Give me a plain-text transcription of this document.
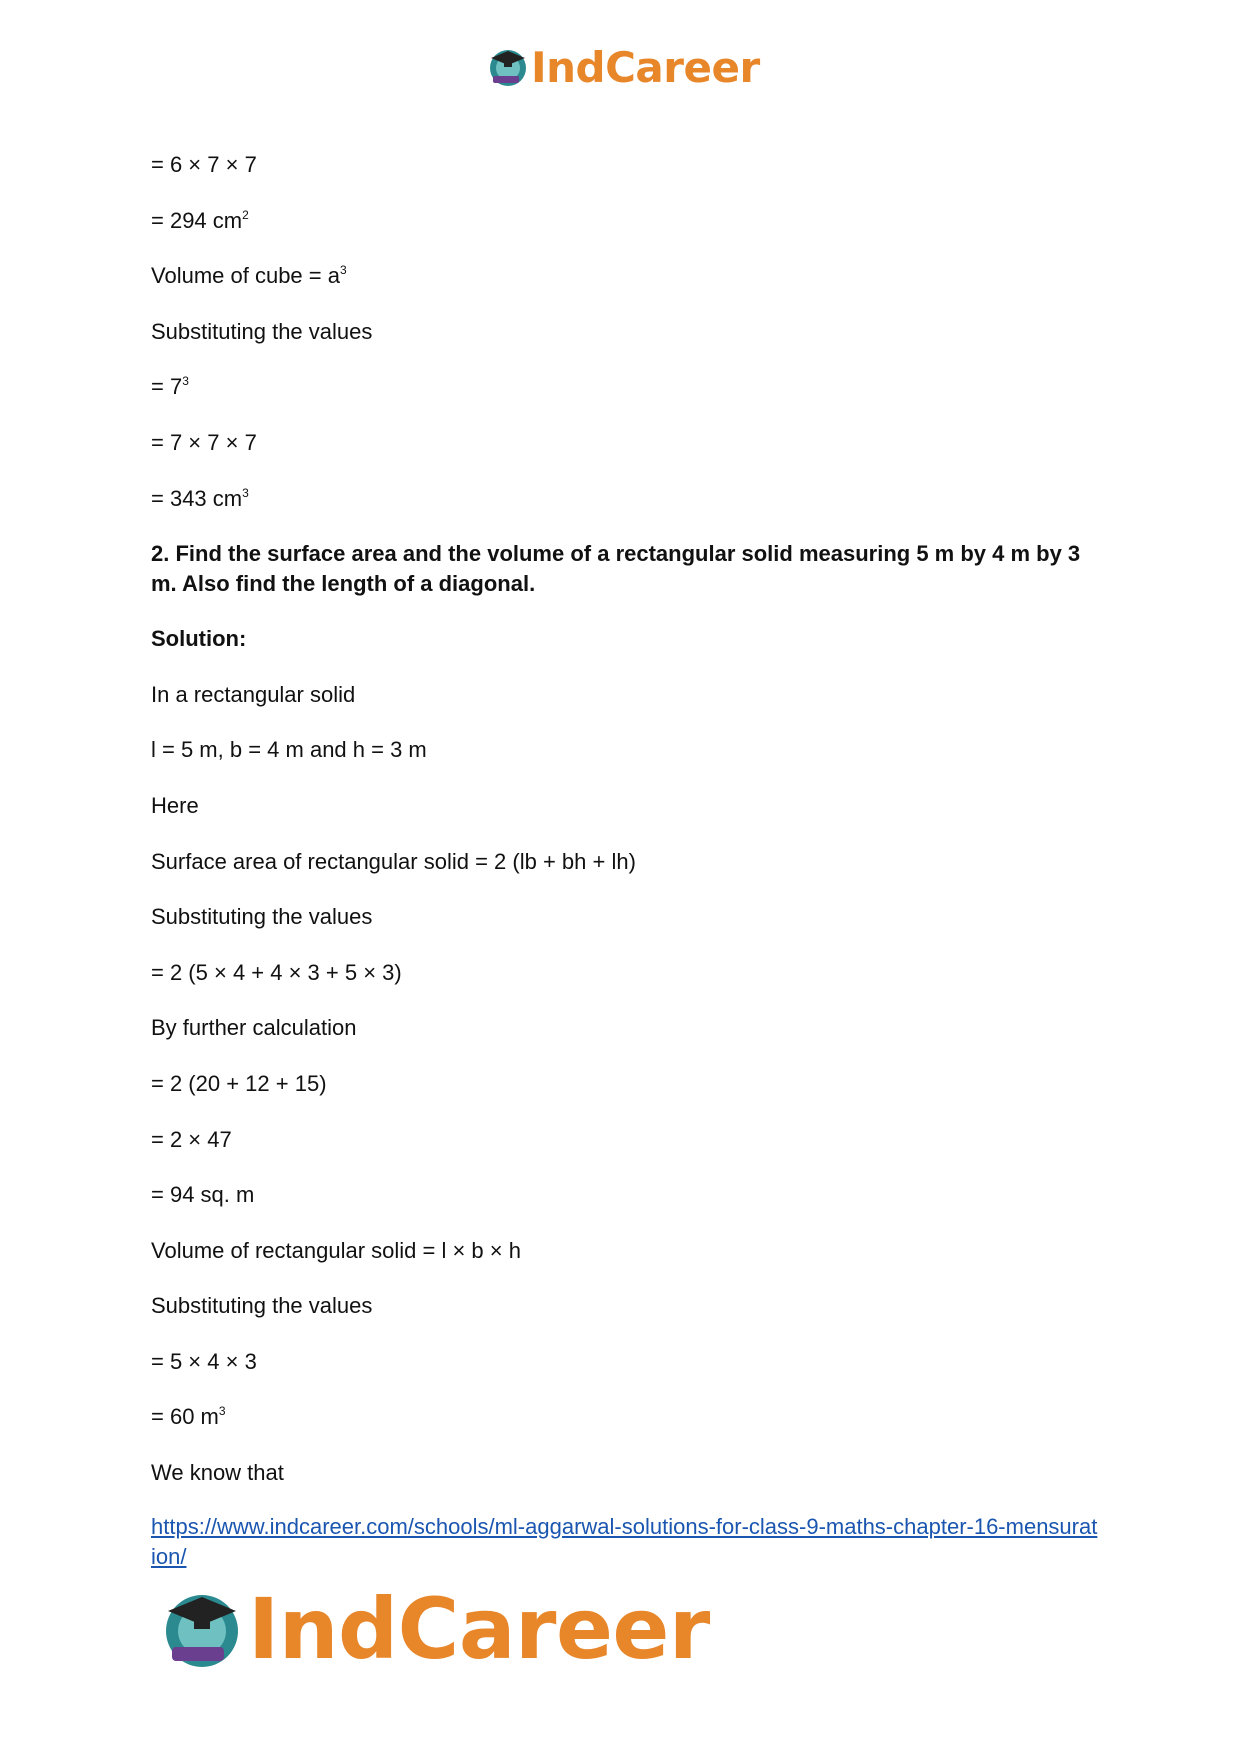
IndCareer
= 6 × 7 × 7
= 294 $cm^2$
Volume of cube = $a^3$
Substituting the values
= $7^3$
= 7 × 7 × 7
= 343 $cm^3$
2. Find the surface area and the volume of a rectangular solid measuring 5 m by 4 m by 3 m. Also find the length of a diagonal.
Solution:
In a rectangular solid
l = 5 m, b = 4 m and h = 3 m
Here
Surface area of rectangular solid = 2 (lb + bh + lh)
Substituting the values
= 2 (5 × 4 + 4 × 3 + 5 × 3)
By further calculation
= 2 (20 + 12 + 15)
= 2 × 47
= 94 sq. m
Volume of rectangular solid = l × b × h
Substituting the values
= 5 × 4 × 3
= 60 $m^3$
We know that
https://www.indcareer.com/schools/ml-aggarwal-solutions-for-class-9-maths-chapter-16-mensuration/
IndCareer
